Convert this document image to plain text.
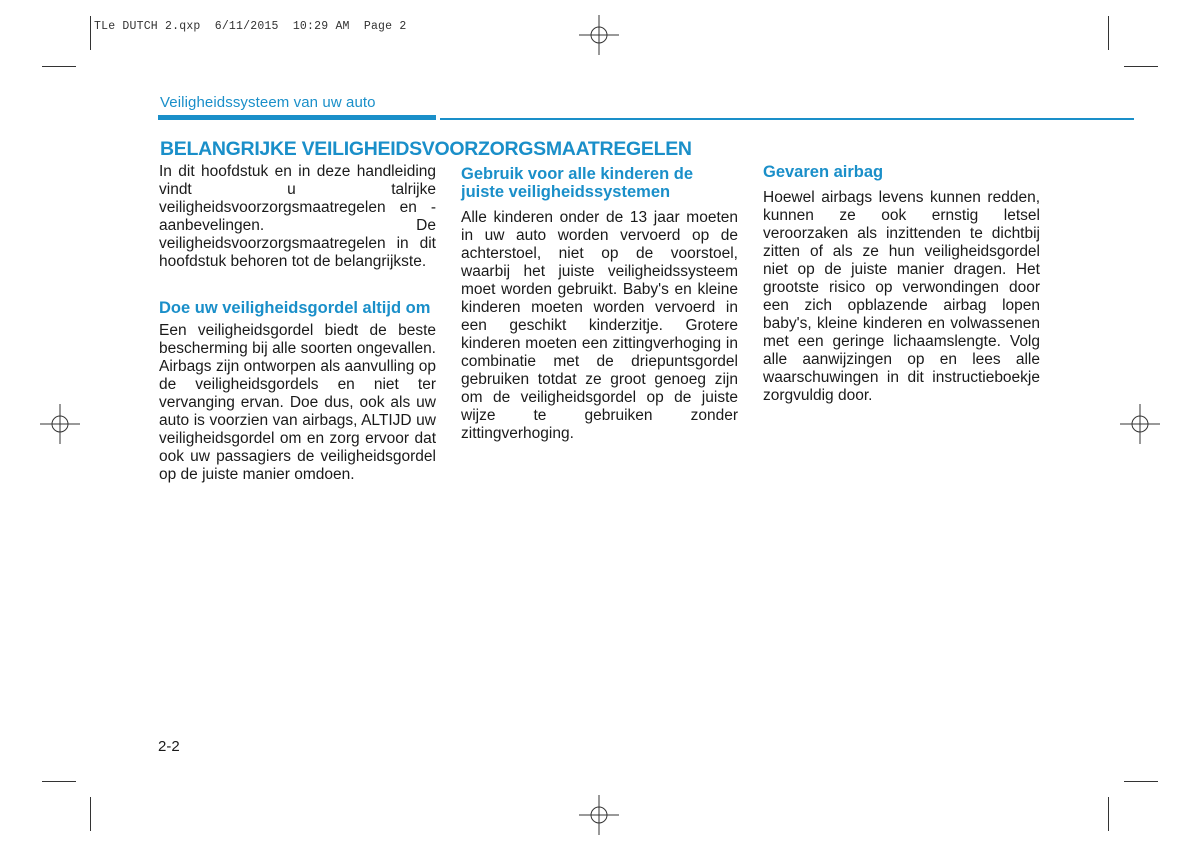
TLe DUTCH 2.qxp  6/11/2015  10:29 AM  Page 2
Veiligheidssysteem van uw auto
BELANGRIJKE VEILIGHEIDSVOORZORGSMAATREGELEN

In dit hoofdstuk en in deze handleiding vindt u talrijke veiligheidsvoorzorgsmaatregelen en -aanbevelingen. De veiligheidsvoorzorgsmaatregelen in dit hoofdstuk behoren tot de belangrijkste.

Doe uw veiligheidsgordel altijd om

Een veiligheidsgordel biedt de beste bescherming bij alle soorten ongevallen. Airbags zijn ontworpen als aanvulling op de veiligheidsgordels en niet ter vervanging ervan. Doe dus, ook als uw auto is voorzien van airbags, ALTIJD uw veiligheidsgordel om en zorg ervoor dat ook uw passagiers de veiligheidsgordel op de juiste manier omdoen.

Gebruik voor alle kinderen de juiste veiligheidssystemen

Alle kinderen onder de 13 jaar moeten in uw auto worden vervoerd op de achterstoel, niet op de voorstoel, waarbij het juiste veiligheidssysteem moet worden gebruikt. Baby's en kleine kinderen moeten worden vervoerd in een geschikt kinderzitje. Grotere kinderen moeten een zittingverhoging in combinatie met de driepuntsgordel gebruiken totdat ze groot genoeg zijn om de veiligheidsgordel op de juiste wijze te gebruiken zonder zittingverhoging.

Gevaren airbag

Hoewel airbags levens kunnen redden, kunnen ze ook ernstig letsel veroorzaken als inzittenden te dichtbij zitten of als ze hun veiligheidsgordel niet op de juiste manier dragen. Het grootste risico op verwondingen door een zich opblazende airbag lopen baby's, kleine kinderen en volwassenen met een geringe lichaamslengte. Volg alle aanwijzingen op en lees alle waarschuwingen in dit instructieboekje zorgvuldig door.

2-2
